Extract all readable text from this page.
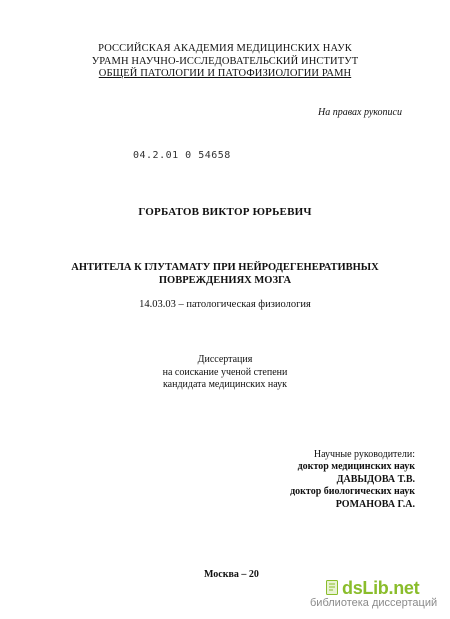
РОССИЙСКАЯ АКАДЕМИЯ МЕДИЦИНСКИХ НАУК
УРАМН НАУЧНО-ИССЛЕДОВАТЕЛЬСКИЙ ИНСТИТУТ
ОБЩЕЙ ПАТОЛОГИИ И ПАТОФИЗИОЛОГИИ РАМН
На правах рукописи
04.2.01 0 54658
ГОРБАТОВ ВИКТОР ЮРЬЕВИЧ
АНТИТЕЛА К ГЛУТАМАТУ ПРИ НЕЙРОДЕГЕНЕРАТИВНЫХ
ПОВРЕЖДЕНИЯХ МОЗГА
14.03.03 – патологическая физиология
Диссертация
на соискание ученой степени
кандидата медицинских наук
Научные руководители:
доктор медицинских наук
ДАВЫДОВА Т.В.
доктор биологических наук
РОМАНОВА Г.А.
Москва – 20
dsLib.net
библиотека диссертаций
